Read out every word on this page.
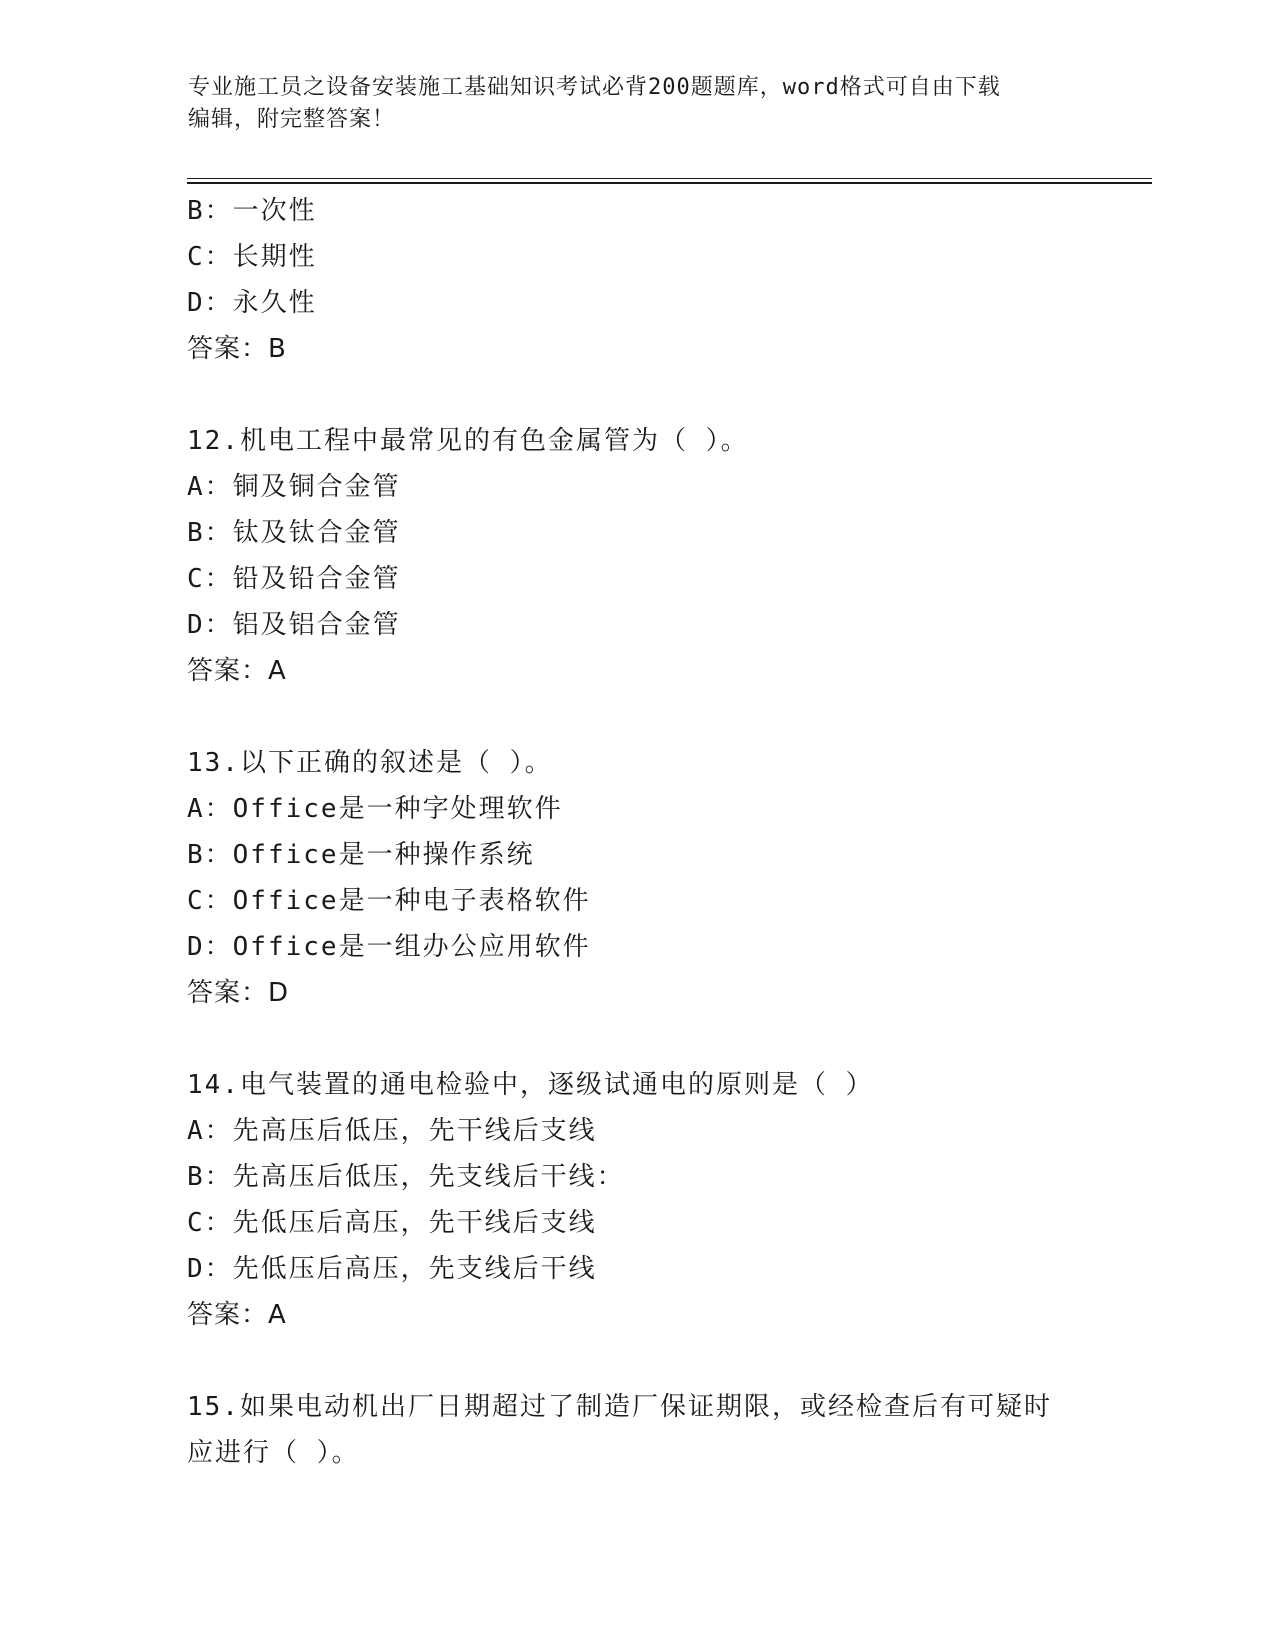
专业施工员之设备安装施工基础知识考试必背200题题库，word格式可自由下载
编辑，附完整答案！
B：一次性
C：长期性
D：永久性
答案：B
12.机电工程中最常见的有色金属管为（ ）。
A：铜及铜合金管
B：钛及钛合金管
C：铅及铅合金管
D：铝及铝合金管
答案：A
13.以下正确的叙述是（ ）。
A：Office是一种字处理软件
B：Office是一种操作系统
C：Office是一种电子表格软件
D：Office是一组办公应用软件
答案：D
14.电气装置的通电检验中，逐级试通电的原则是（ ）
A：先高压后低压，先干线后支线
B：先高压后低压，先支线后干线：
C：先低压后高压，先干线后支线
D：先低压后高压，先支线后干线
答案：A
15.如果电动机出厂日期超过了制造厂保证期限，或经检查后有可疑时
应进行（ ）。
